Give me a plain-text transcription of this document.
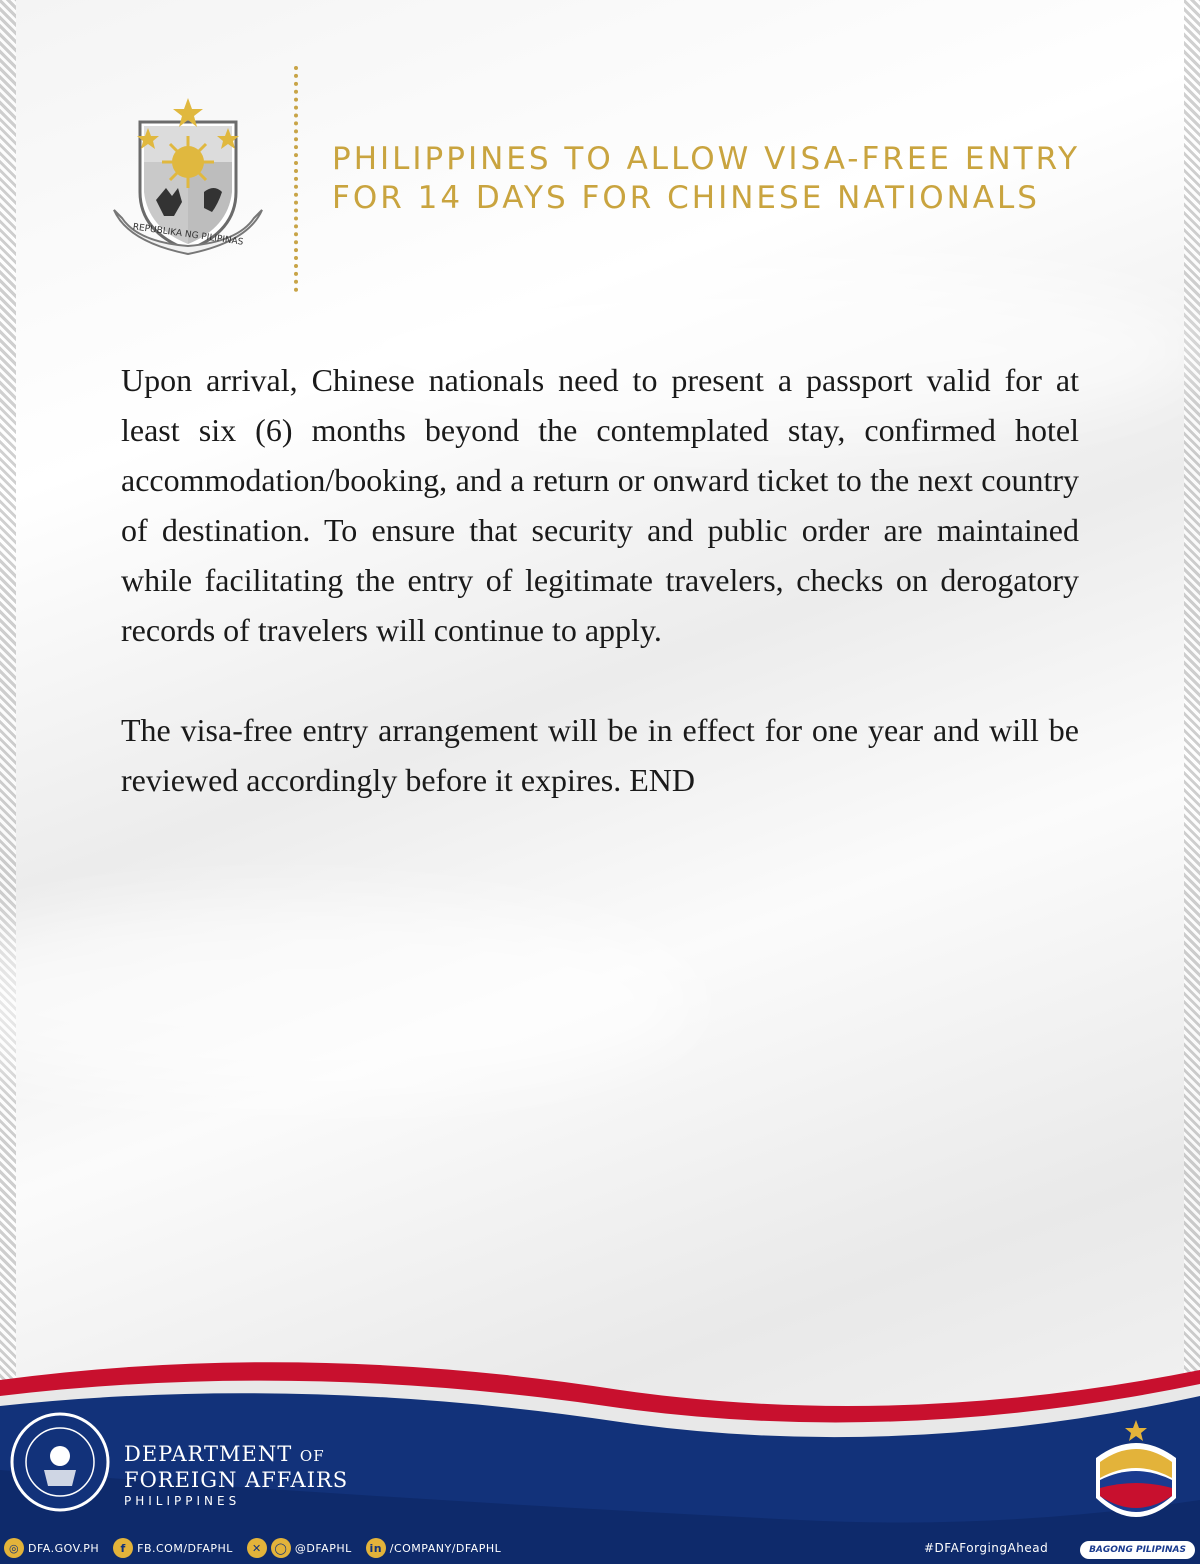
REPUBLIKA NG PILIPINAS
PHILIPPINES TO ALLOW VISA-FREE ENTRY
FOR 14 DAYS FOR CHINESE NATIONALS

Upon arrival, Chinese nationals need to present a passport valid for at least six (6) months beyond the contemplated stay, confirmed hotel accommodation/booking, and a return or onward ticket to the next country of destination. To ensure that security and public order are maintained while facilitating the entry of legitimate travelers, checks on derogatory records of travelers will continue to apply.

The visa-free entry arrangement will be in effect for one year and will be reviewed accordingly before it expires. END

DEPARTMENT OF
FOREIGN AFFAIRS
PHILIPPINES
◎ DFA.GOV.PH	f	FB.COM/DFAPHL	✕	◯ @DFAPHL	in /COMPANY/DFAPHL	#DFAForgingAhead	BAGONG PILIPINAS
